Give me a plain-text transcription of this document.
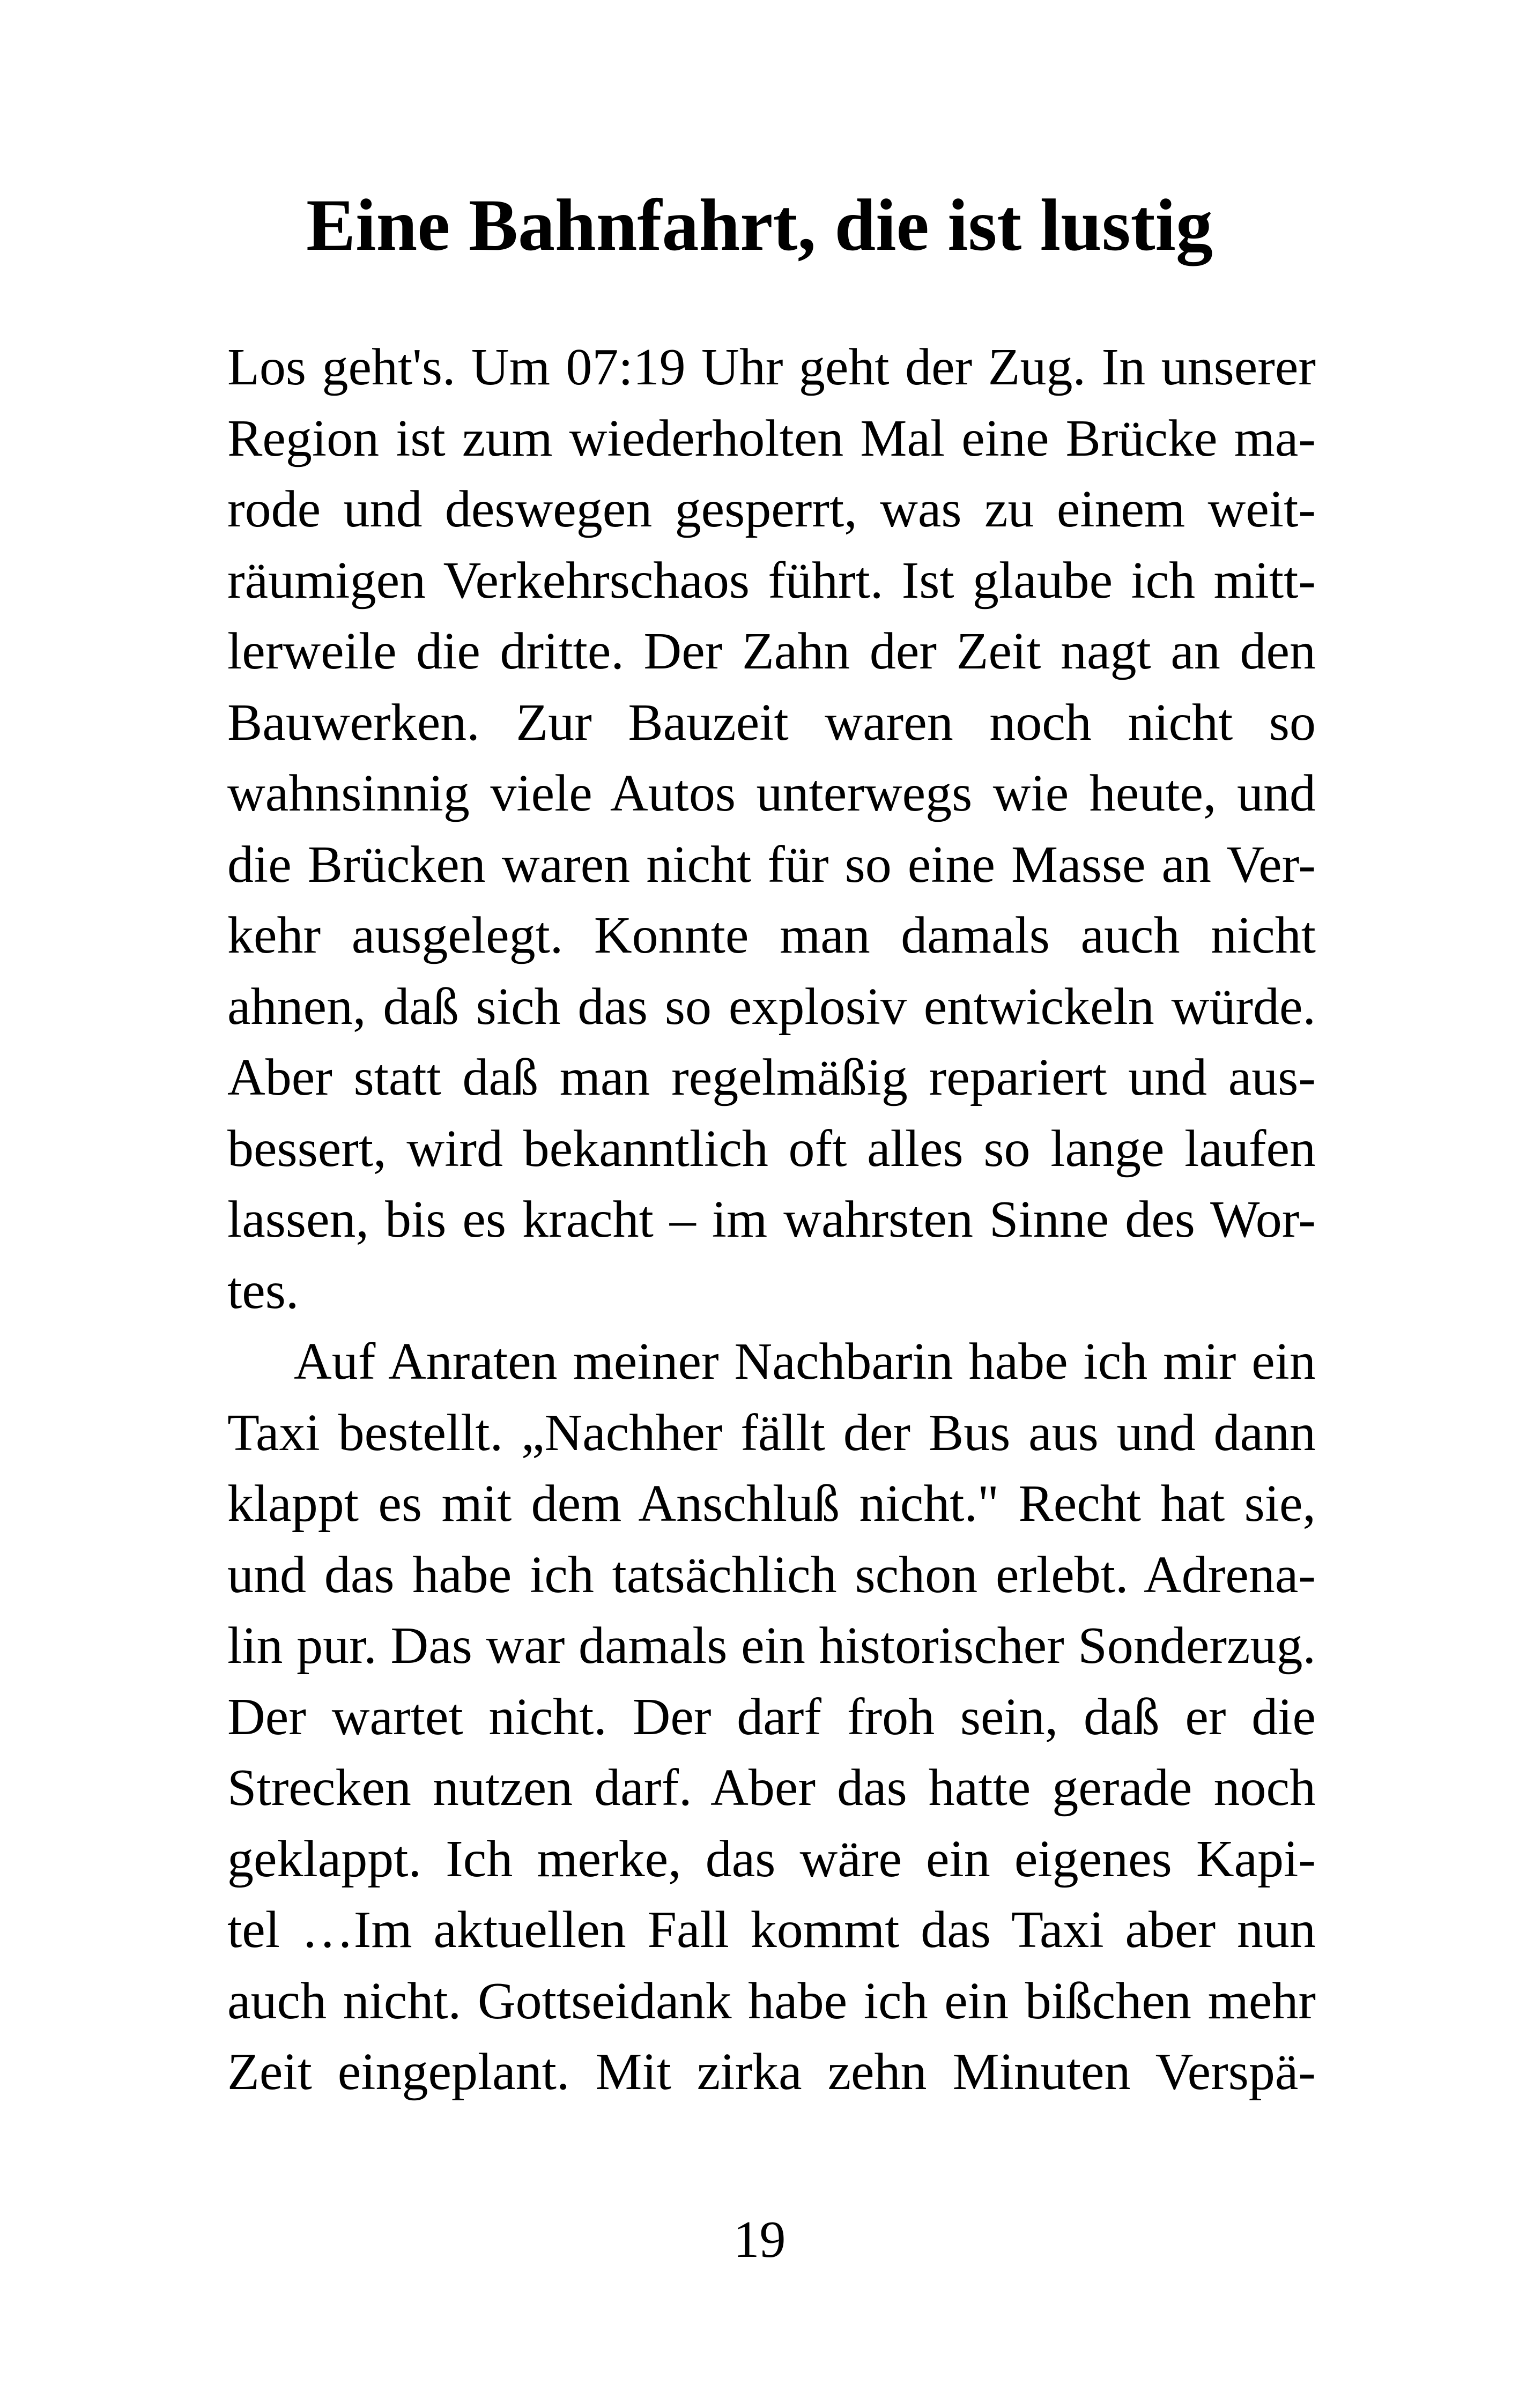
Eine Bahnfahrt, die ist lustig
Los geht's. Um 07:19 Uhr geht der Zug. In unserer
Region ist zum wiederholten Mal eine Brücke ma-
rode und deswegen gesperrt, was zu einem weit-
räumigen Verkehrschaos führt. Ist glaube ich mitt-
lerweile die dritte. Der Zahn der Zeit nagt an den
Bauwerken. Zur Bauzeit waren noch nicht so
wahnsinnig viele Autos unterwegs wie heute, und
die Brücken waren nicht für so eine Masse an Ver-
kehr ausgelegt. Konnte man damals auch nicht
ahnen, daß sich das so explosiv entwickeln würde.
Aber statt daß man regelmäßig repariert und aus-
bessert, wird bekanntlich oft alles so lange laufen
lassen, bis es kracht – im wahrsten Sinne des Wor-
tes.
Auf Anraten meiner Nachbarin habe ich mir ein
Taxi bestellt. „Nachher fällt der Bus aus und dann
klappt es mit dem Anschluß nicht." Recht hat sie,
und das habe ich tatsächlich schon erlebt. Adrena-
lin pur. Das war damals ein historischer Sonderzug.
Der wartet nicht. Der darf froh sein, daß er die
Strecken nutzen darf. Aber das hatte gerade noch
geklappt. Ich merke, das wäre ein eigenes Kapi-
tel …Im aktuellen Fall kommt das Taxi aber nun
auch nicht. Gottseidank habe ich ein bißchen mehr
Zeit eingeplant. Mit zirka zehn Minuten Verspä-
19
